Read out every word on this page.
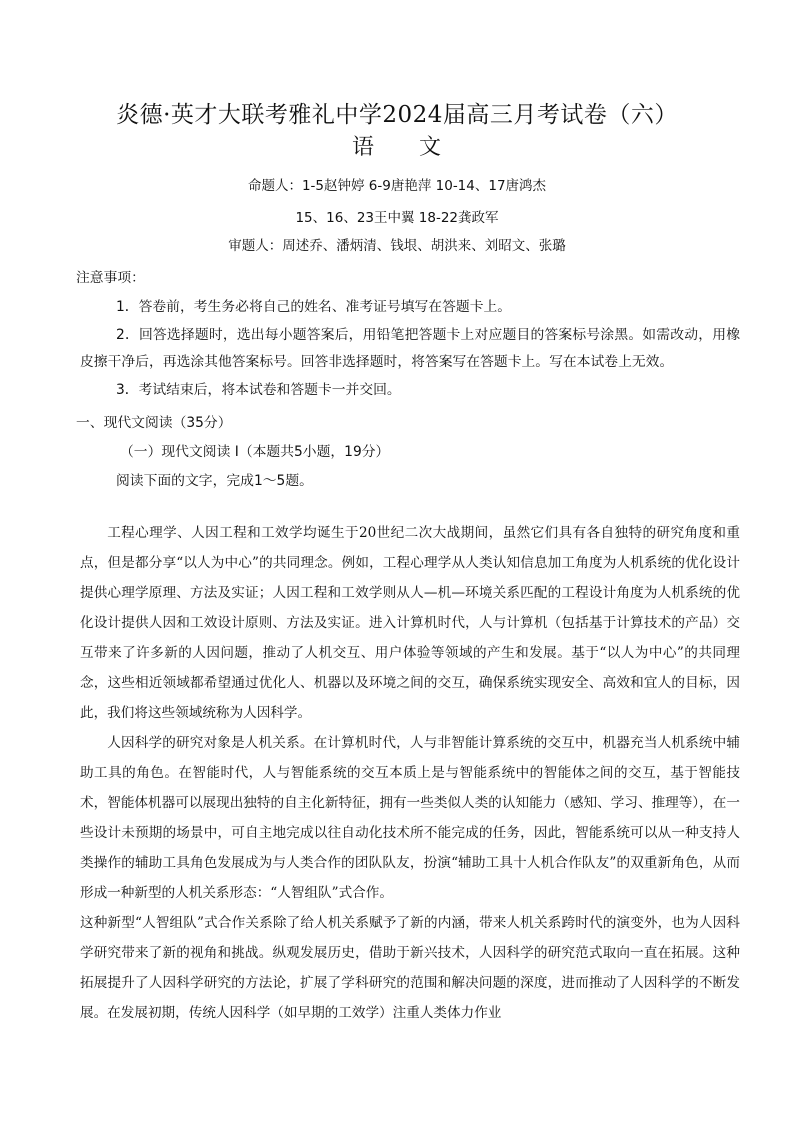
炎德·英才大联考雅礼中学2024届高三月考试卷（六）
语 文
命题人：1-5赵钟婷 6-9唐艳萍 10-14、17唐鸿杰
15、16、23王中翼 18-22龚政军
审题人：周述乔、潘炳清、钱垠、胡洪来、刘昭文、张璐

注意事项：

1．答卷前，考生务必将自己的姓名、准考证号填写在答题卡上。

2．回答选择题时，选出每小题答案后，用铅笔把答题卡上对应题目的答案标号涂黑。如需改动，用橡皮擦干净后，再选涂其他答案标号。回答非选择题时，将答案写在答题卡上。写在本试卷上无效。

3．考试结束后，将本试卷和答题卡一并交回。

一、现代文阅读（35分）

（一）现代文阅读 I（本题共5小题，19分）

阅读下面的文字，完成1～5题。

工程心理学、人因工程和工效学均诞生于20世纪二次大战期间，虽然它们具有各自独特的研究角度和重点，但是都分享“以人为中心”的共同理念。例如，工程心理学从人类认知信息加工角度为人机系统的优化设计提供心理学原理、方法及实证；人因工程和工效学则从人—机—环境关系匹配的工程设计角度为人机系统的优化设计提供人因和工效设计原则、方法及实证。进入计算机时代，人与计算机（包括基于计算技术的产品）交互带来了许多新的人因问题，推动了人机交互、用户体验等领域的产生和发展。基于“以人为中心”的共同理念，这些相近领域都希望通过优化人、机器以及环境之间的交互，确保系统实现安全、高效和宜人的目标，因此，我们将这些领域统称为人因科学。

人因科学的研究对象是人机关系。在计算机时代，人与非智能计算系统的交互中，机器充当人机系统中辅助工具的角色。在智能时代，人与智能系统的交互本质上是与智能系统中的智能体之间的交互，基于智能技术，智能体机器可以展现出独特的自主化新特征，拥有一些类似人类的认知能力（感知、学习、推理等），在一些设计未预期的场景中，可自主地完成以往自动化技术所不能完成的任务，因此，智能系统可以从一种支持人类操作的辅助工具角色发展成为与人类合作的团队队友，扮演“辅助工具十人机合作队友”的双重新角色，从而形成一种新型的人机关系形态：“人智组队”式合作。

这种新型“人智组队”式合作关系除了给人机关系赋予了新的内涵，带来人机关系跨时代的演变外，也为人因科学研究带来了新的视角和挑战。纵观发展历史，借助于新兴技术，人因科学的研究范式取向一直在拓展。这种拓展提升了人因科学研究的方法论，扩展了学科研究的范围和解决问题的深度，进而推动了人因科学的不断发展。在发展初期，传统人因科学（如早期的工效学）注重人类体力作业
